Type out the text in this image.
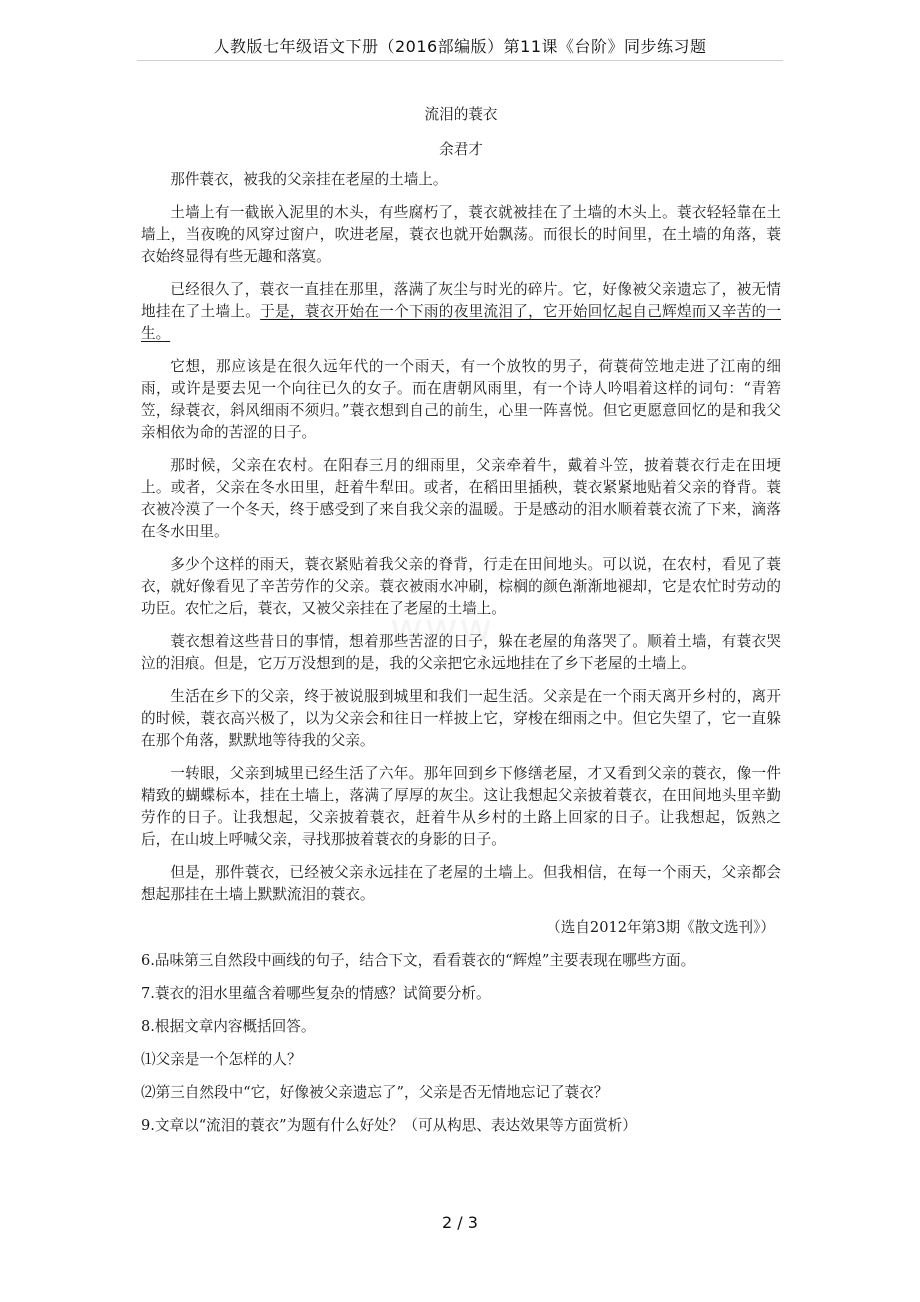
人教版七年级语文下册（2016部编版）第11课《台阶》同步练习题
流泪的蓑衣
余君才

那件蓑衣，被我的父亲挂在老屋的土墙上。

土墙上有一截嵌入泥里的木头，有些腐朽了，蓑衣就被挂在了土墙的木头上。蓑衣轻轻靠在土墙上，当夜晚的风穿过窗户，吹进老屋，蓑衣也就开始飘荡。而很长的时间里，在土墙的角落，蓑衣始终显得有些无趣和落寞。

已经很久了，蓑衣一直挂在那里，落满了灰尘与时光的碎片。它，好像被父亲遗忘了，被无情地挂在了土墙上。于是，蓑衣开始在一个下雨的夜里流泪了，它开始回忆起自己辉煌而又辛苦的一生。

它想，那应该是在很久远年代的一个雨天，有一个放牧的男子，荷蓑荷笠地走进了江南的细雨，或许是要去见一个向往已久的女子。而在唐朝风雨里，有一个诗人吟唱着这样的词句：“青箬笠，绿蓑衣，斜风细雨不须归。”蓑衣想到自己的前生，心里一阵喜悦。但它更愿意回忆的是和我父亲相依为命的苦涩的日子。

那时候，父亲在农村。在阳春三月的细雨里，父亲牵着牛，戴着斗笠，披着蓑衣行走在田埂上。或者，父亲在冬水田里，赶着牛犁田。或者，在稻田里插秧，蓑衣紧紧地贴着父亲的脊背。蓑衣被冷漠了一个冬天，终于感受到了来自我父亲的温暖。于是感动的泪水顺着蓑衣流了下来，滴落在冬水田里。

多少个这样的雨天，蓑衣紧贴着我父亲的脊背，行走在田间地头。可以说，在农村，看见了蓑衣，就好像看见了辛苦劳作的父亲。蓑衣被雨水冲刷，棕榈的颜色渐渐地褪却，它是农忙时劳动的功臣。农忙之后，蓑衣，又被父亲挂在了老屋的土墙上。

蓑衣想着这些昔日的事情，想着那些苦涩的日子，躲在老屋的角落哭了。顺着土墙，有蓑衣哭泣的泪痕。但是，它万万没想到的是，我的父亲把它永远地挂在了乡下老屋的土墙上。

生活在乡下的父亲，终于被说服到城里和我们一起生活。父亲是在一个雨天离开乡村的，离开的时候，蓑衣高兴极了，以为父亲会和往日一样披上它，穿梭在细雨之中。但它失望了，它一直躲在那个角落，默默地等待我的父亲。

一转眼，父亲到城里已经生活了六年。那年回到乡下修缮老屋，才又看到父亲的蓑衣，像一件精致的蝴蝶标本，挂在土墙上，落满了厚厚的灰尘。这让我想起父亲披着蓑衣，在田间地头里辛勤劳作的日子。让我想起，父亲披着蓑衣，赶着牛从乡村的土路上回家的日子。让我想起，饭熟之后，在山坡上呼喊父亲，寻找那披着蓑衣的身影的日子。

但是，那件蓑衣，已经被父亲永远挂在了老屋的土墙上。但我相信，在每一个雨天，父亲都会想起那挂在土墙上默默流泪的蓑衣。

（选自2012年第3期《散文选刊》）
6.品味第三自然段中画线的句子，结合下文，看看蓑衣的“辉煌”主要表现在哪些方面。
7.蓑衣的泪水里蕴含着哪些复杂的情感？试简要分析。
8.根据文章内容概括回答。
⑴父亲是一个怎样的人？
⑵第三自然段中“它，好像被父亲遗忘了”，父亲是否无情地忘记了蓑衣？
9.文章以“流泪的蓑衣”为题有什么好处？（可从构思、表达效果等方面赏析）
2 / 3
